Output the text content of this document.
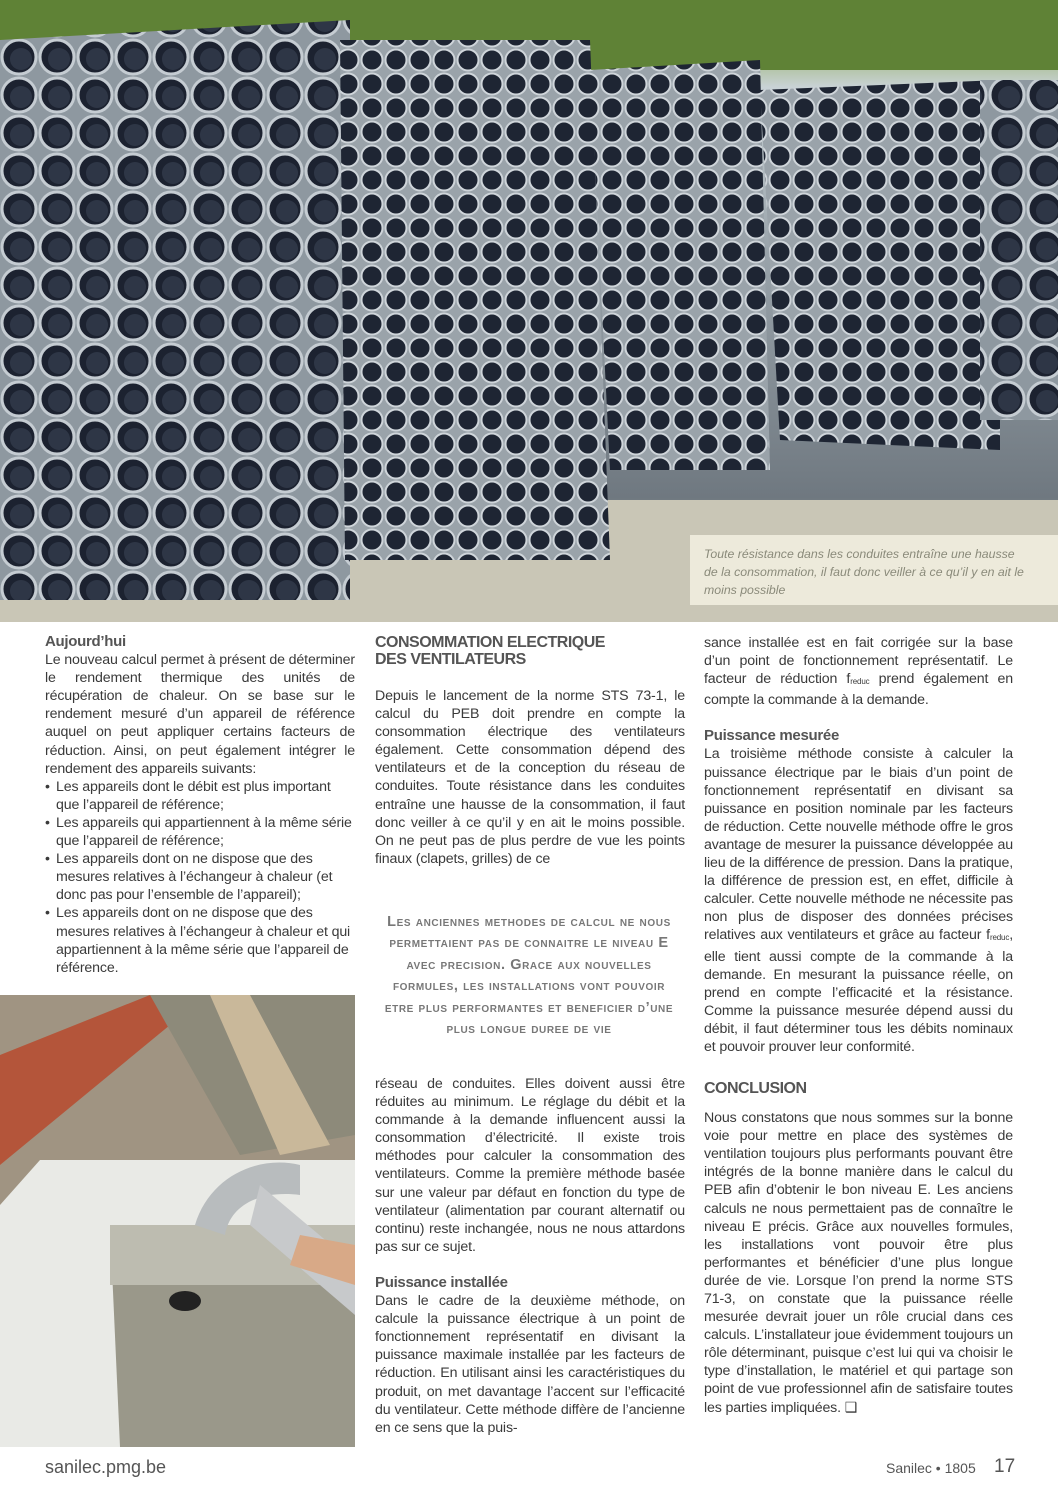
Toute résistance dans les conduites entraîne une hausse de la consommation, il faut donc veiller à ce qu’il y en ait le moins possible

Aujourd’hui

Le nouveau calcul permet à présent de déterminer le rendement thermique des unités de récupération de chaleur. On se base sur le rendement mesuré d’un appareil de référence auquel on peut appliquer certains facteurs de réduction. Ainsi, on peut également intégrer le rendement des appareils suivants:

• Les appareils dont le débit est plus important que l’appareil de référence;
• Les appareils qui appartiennent à la même série que l’appareil de référence;
• Les appareils dont on ne dispose que des mesures relatives à l’échangeur à chaleur (et donc pas pour l’ensemble de l’appareil);
• Les appareils dont on ne dispose que des mesures relatives à l’échangeur à chaleur et qui appartiennent à la même série que l’appareil de référence.

CONSOMMATION ELECTRIQUE
DES VENTILATEURS

Depuis le lancement de la norme STS 73-1, le calcul du PEB doit prendre en compte la consommation électrique des ventilateurs également. Cette consommation dépend des ventilateurs et de la conception du réseau de conduites. Toute résistance dans les conduites entraîne une hausse de la consommation, il faut donc veiller à ce qu’il y en ait le moins possible. On ne peut pas de plus perdre de vue les points finaux (clapets, grilles) de ce

Les anciennes methodes de calcul ne nous permettaient pas de connaitre le niveau E avec precision. Grace aux nouvelles formules, les installations vont pouvoir etre plus performantes et beneficier d’une plus longue duree de vie

réseau de conduites. Elles doivent aussi être réduites au minimum. Le réglage du débit et la commande à la demande influencent aussi la consommation d’électricité. Il existe trois méthodes pour calculer la consommation des ventilateurs. Comme la première méthode basée sur une valeur par défaut en fonction du type de ventilateur (alimentation par courant alternatif ou continu) reste inchangée, nous ne nous attardons pas sur ce sujet.

Puissance installée

Dans le cadre de la deuxième méthode, on calcule la puissance électrique à un point de fonctionnement représentatif en divisant la puissance maximale installée par les facteurs de réduction. En utilisant ainsi les caractéristiques du produit, on met davantage l’accent sur l’efficacité du ventilateur. Cette méthode diffère de l’ancienne en ce sens que la puis-

sance installée est en fait corrigée sur la base d’un point de fonctionnement représentatif. Le facteur de réduction $f_{reduc}$ prend également en compte la commande à la demande.

Puissance mesurée

La troisième méthode consiste à calculer la puissance électrique par le biais d’un point de fonctionnement représentatif en divisant sa puissance en position nominale par les facteurs de réduction. Cette nouvelle méthode offre le gros avantage de mesurer la puissance développée au lieu de la différence de pression. Dans la pratique, la différence de pression est, en effet, difficile à calculer. Cette nouvelle méthode ne nécessite pas non plus de disposer des données précises relatives aux ventilateurs et grâce au facteur $f_{reduc}$, elle tient aussi compte de la commande à la demande. En mesurant la puissance réelle, on prend en compte l’efficacité et la résistance. Comme la puissance mesurée dépend aussi du débit, il faut déterminer tous les débits nominaux et pouvoir prouver leur conformité.

CONCLUSION

Nous constatons que nous sommes sur la bonne voie pour mettre en place des systèmes de ventilation toujours plus performants pouvant être intégrés de la bonne manière dans le calcul du PEB afin d’obtenir le bon niveau E. Les anciens calculs ne nous permettaient pas de connaître le niveau E précis. Grâce aux nouvelles formules, les installations vont pouvoir être plus performantes et bénéficier d’une plus longue durée de vie. Lorsque l’on prend la norme STS 71-3, on constate que la puissance réelle mesurée devrait jouer un rôle crucial dans ces calculs. L’installateur joue évidemment toujours un rôle déterminant, puisque c’est lui qui va choisir le type d’installation, le matériel et qui partage son point de vue professionnel afin de satisfaire toutes les parties impliquées. ❑

sanilec.pmg.be	Sanilec • 1805 17
